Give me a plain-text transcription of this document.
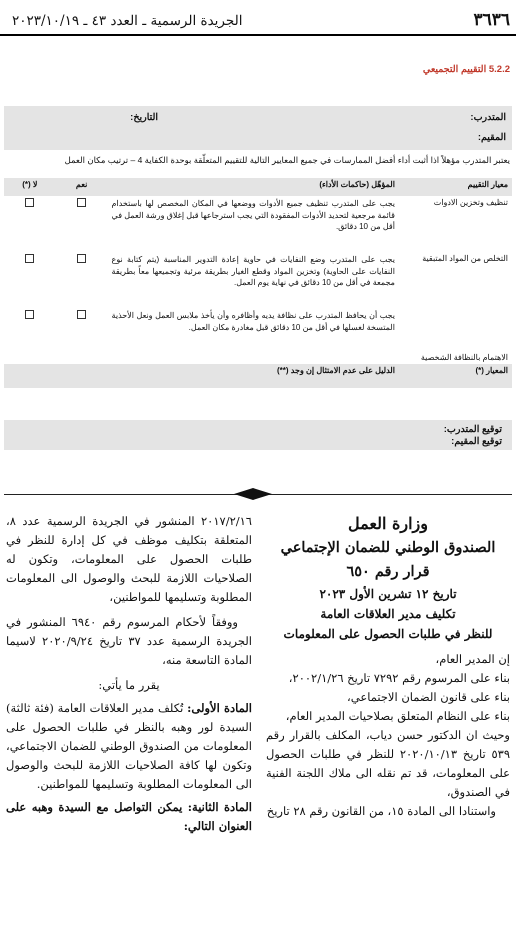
٣٦٣٦
الجريدة الرسمية ـ العدد ٤٣ ـ ٢٠٢٣/١٠/١٩
5.2.2 التقييم التجميعي
المتدرب:
التاريخ:
المقيم:
يعتبر المتدرب مؤهلاً اذا أثبت أداء أفضل الممارسات في جميع المعايير التالية للتقييم المتعلّقة بوحدة الكفاية 4 – ترتيب مكان العمل
معيار التقييم	المؤهّل (حاكمات الأداء)	نعم	لا (*)
تنظيف وتخزين الادوات	يجب على المتدرب تنظيف جميع الأدوات ووضعها في المكان المخصص لها باستخدام قائمة مرجعية لتحديد الأدوات المفقودة التي يجب استرجاعها قبل إغلاق ورشة العمل في أقل من 10 دقائق.		
التخلص من المواد المتبقية	يجب على المتدرب وضع النفايات في حاوية إعادة التدوير المناسبة (يتم كتابة نوع النفايات على الحاوية) وتخزين المواد وقطع الغيار بطريقة مرئية وتجميعها معاً بطريقة مجمعة في أقل من 10 دقائق في نهاية يوم العمل.		
الاهتمام بالنظافة الشخصية	يجب أن يحافظ المتدرب على نظافة يديه وأظافره وأن يأخذ ملابس العمل ونعل الأحذية المتسخة لغسلها في أقل من 10 دقائق قبل مغادرة مكان العمل.		
المعيار (*)	الدليل على عدم الامتثال إن وجد (**)		
توقيع المتدرب:
توقيع المقيم:

وزارة العمل

الصندوق الوطني للضمان الإجتماعي

قرار رقم ٦٥٠

تاريخ ١٢ تشرين الأول ٢٠٢٣

تكليف مدير العلاقات العامة

للنظر في طلبات الحصول على المعلومات

إن المدير العام،

بناء على المرسوم رقم ٧٢٩٢ تاريخ ٢٠٠٢/١/٢٦،

بناء على قانون الضمان الاجتماعي،

بناء على النظام المتعلق بصلاحيات المدير العام،

وحيث ان الدكتور حسن دياب، المكلف بالقرار رقم ٥٣٩ تاريخ ٢٠٢٠/١٠/١٣ للنظر في طلبات الحصول على المعلومات، قد تم نقله الى ملاك اللجنة الفنية في الصندوق،

واستنادا الى المادة ١٥، من القانون رقم ٢٨ تاريخ

٢٠١٧/٢/١٦ المنشور في الجريدة الرسمية عدد ٨، المتعلقة بتكليف موظف في كل إدارة للنظر في طلبات الحصول على المعلومات، وتكون له الصلاحيات اللازمة للبحث والوصول الى المعلومات المطلوبة وتسليمها للمواطنين،

ووفقاً لأحكام المرسوم رقم ٦٩٤٠ المنشور في الجريدة الرسمية عدد ٣٧ تاريخ ٢٠٢٠/٩/٢٤ لاسيما المادة التاسعة منه،

يقرر ما يأتي:

المادة الأولى: تُكلف مدير العلاقات العامة (فئة ثالثة) السيدة لور وهبه بالنظر في طلبات الحصول على المعلومات من الصندوق الوطني للضمان الاجتماعي، وتكون لها كافة الصلاحيات اللازمة للبحث والوصول الى المعلومات المطلوبة وتسليمها للمواطنين.

المادة الثانية: يمكن التواصل مع السيدة وهبه على العنوان التالي:
